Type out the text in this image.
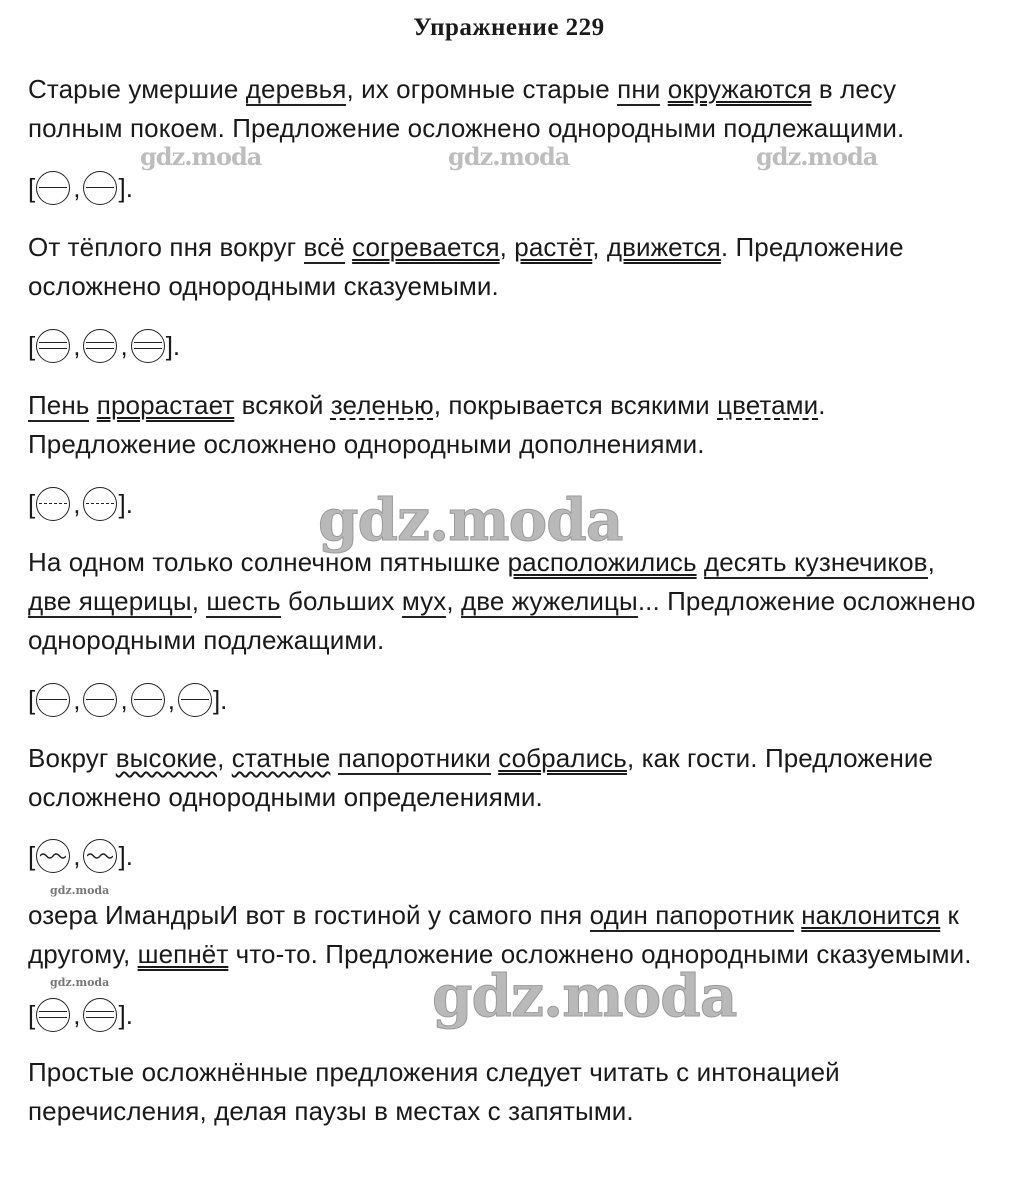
Упражнение 229
Старые умершие деревья, их огромные старые пни окружаются в лесу
полным покоем. Предложение осложнено однородными подлежащими.
[ , ].
От тёплого пня вокруг всё согревается, растёт, движется. Предложение
осложнено однородными сказуемыми.
[ , , ].
Пень прорастает всякой зеленью, покрывается всякими цветами.
Предложение осложнено однородными дополнениями.
[ , ].
На одном только солнечном пятнышке расположились десять кузнечиков,
две ящерицы, шесть больших мух, две жужелицы... Предложение осложнено
однородными подлежащими.
[ , , , ].
Вокруг высокие, статные папоротники собрались, как гости. Предложение
осложнено однородными определениями.
[ , ].
озера ИмандрыИ вот в гостиной у самого пня один папоротник наклонится к
другому, шепнёт что-то. Предложение осложнено однородными сказуемыми.
[ , ].
Простые осложнённые предложения следует читать с интонацией
перечисления, делая паузы в местах с запятыми.
gdz.moda	gdz.moda	gdz.moda
gdz.moda
gdz.moda
gdz.moda	gdz.moda
